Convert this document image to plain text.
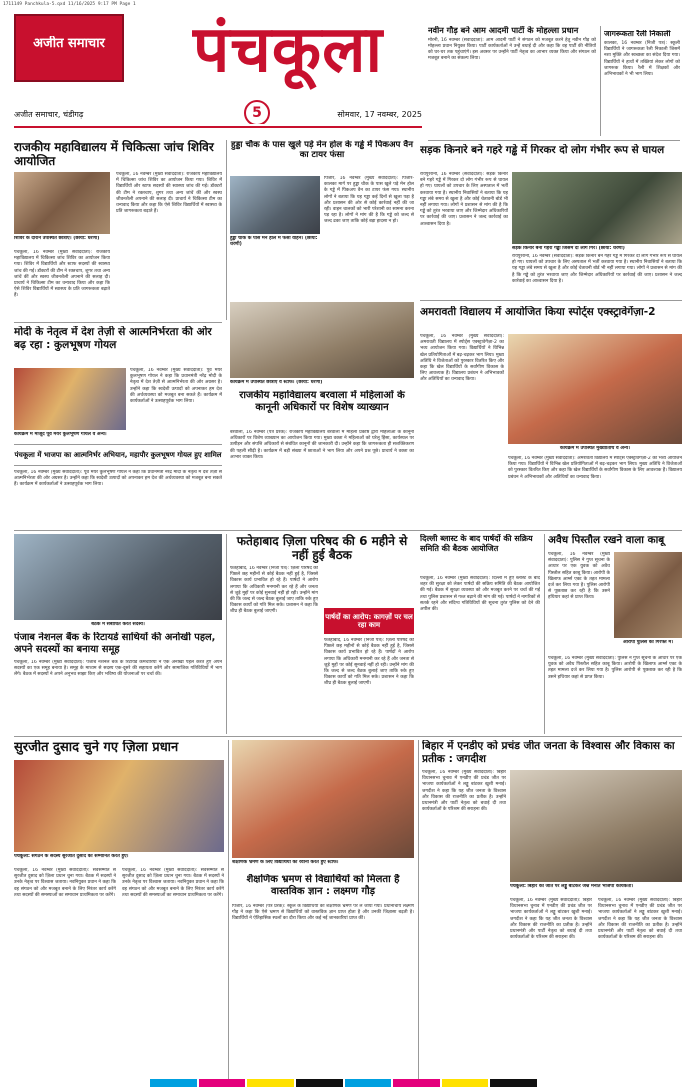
1711149 Panchkula-5.qxd 11/16/2025 9:17 PM Page 1
अजीत समाचार	पंचकूला
5
अजीत समाचार, चंडीगढ़	सोमवार, 17 नवम्बर, 2025
नवीन गौड़ बने आम आदमी पार्टी के मोहल्ला प्रधान
मोरनी, 16 नवम्बर (सवाददाता): आम आदमी पार्टी ने संगठन को मजबूत करने हेतु नवीन गौड़ को मोहल्ला प्रधान नियुक्त किया। पार्टी कार्यकर्ताओं ने उन्हें बधाई दी और कहा कि वह पार्टी की नीतियों को घर-घर तक पहुंचाएंगे। इस अवसर पर उन्होंने पार्टी नेतृत्व का आभार व्यक्त किया और संगठन को मजबूत बनाने का संकल्प लिया।
जागरूकता रैली निकाली
कालका, 16 नवम्बर (निजी पत्र): स्कूली विद्यार्थियों ने जागरूकता रैली निकाली जिसमें नशा मुक्ति और स्वच्छता का संदेश दिया गया। विद्यार्थियों ने हाथों में तख्तियां लेकर लोगों को जागरूक किया। रैली में शिक्षकों और अभिभावकों ने भी भाग लिया।
राजकीय महाविद्यालय में चिकित्सा जांच शिविर आयोजित
शिविर के दौरान उपस्थित छात्राएं। (छाया: धरणी)
पंचकूला, 16 नवम्बर (मुख्य संवाददाता): राजकीय महाविद्यालय में चिकित्सा जांच शिविर का आयोजन किया गया। शिविर में विद्यार्थियों और स्टाफ सदस्यों की स्वास्थ्य जांच की गई। डॉक्टरों की टीम ने रक्तचाप, शुगर तथा अन्य जांचें कीं और स्वस्थ जीवनशैली अपनाने की सलाह दी। प्राचार्य ने चिकित्सा टीम का धन्यवाद किया और कहा कि ऐसे शिविर विद्यार्थियों में स्वास्थ्य के प्रति जागरूकता बढ़ाते हैं।
पंचकूला, 16 नवम्बर (मुख्य संवाददाता): राजकीय महाविद्यालय में चिकित्सा जांच शिविर का आयोजन किया गया। शिविर में विद्यार्थियों और स्टाफ सदस्यों की स्वास्थ्य जांच की गई। डॉक्टरों की टीम ने रक्तचाप, शुगर तथा अन्य जांचें कीं और स्वस्थ जीवनशैली अपनाने की सलाह दी। प्राचार्य ने चिकित्सा टीम का धन्यवाद किया और कहा कि ऐसे शिविर विद्यार्थियों में स्वास्थ्य के प्रति जागरूकता बढ़ाते हैं।
हुड्डा चौक के पास खुले पड़े मेन होल के गड्ढे में पिकअप वैन का टायर फंसा
हुड्डा चौक के पास मेन होल में फंसा वाहन। (छाया: धरणी)
पिंजौर, 16 नवम्बर (मुख्य संवाददाता): पिंजौर-कालका मार्ग पर हुड्डा चौक के पास खुले पड़े मेन होल के गड्ढे में पिकअप वैन का टायर फंस गया। स्थानीय लोगों ने बताया कि यह गड्ढा कई दिनों से खुला पड़ा है और प्रशासन की ओर से कोई कार्रवाई नहीं की जा रही। वाहन चालकों को भारी परेशानी का सामना करना पड़ रहा है। लोगों ने मांग की है कि गड्ढे को जल्द से जल्द ढका जाए ताकि कोई बड़ा हादसा न हो।
सड़क किनारे बने गहरे गड्ढे में गिरकर दो लोग गंभीर रूप से घायल
रायपुररानी, 16 नवम्बर (सवाददाता): सड़क किनारे बने गहरे गड्ढे में गिरकर दो लोग गंभीर रूप से घायल हो गए। घायलों को उपचार के लिए अस्पताल में भर्ती करवाया गया है। स्थानीय निवासियों ने बताया कि यह गड्ढा लंबे समय से खुला है और कोई चेतावनी बोर्ड भी नहीं लगाया गया। लोगों ने प्रशासन से मांग की है कि गड्ढे को तुरंत भरवाया जाए और जिम्मेदार अधिकारियों पर कार्रवाई की जाए। प्रशासन ने जल्द कार्रवाई का आश्वासन दिया है।
सड़क किनारे बना गहरा गड्ढा जिसमें दो लोग गिरे। (छाया: धरणी)
रायपुररानी, 16 नवम्बर (सवाददाता): सड़क किनारे बने गहरे गड्ढे में गिरकर दो लोग गंभीर रूप से घायल हो गए। घायलों को उपचार के लिए अस्पताल में भर्ती करवाया गया है। स्थानीय निवासियों ने बताया कि यह गड्ढा लंबे समय से खुला है और कोई चेतावनी बोर्ड भी नहीं लगाया गया। लोगों ने प्रशासन से मांग की है कि गड्ढे को तुरंत भरवाया जाए और जिम्मेदार अधिकारियों पर कार्रवाई की जाए। प्रशासन ने जल्द कार्रवाई का आश्वासन दिया है।
मोदी के नेतृत्व में देश तेज़ी से आत्मनिर्भरता की ओर बढ़ रहा : कुलभूषण गोयल
कार्यक्रम में मौजूद पूर्व मेयर कुलभूषण गोयल व अन्य।
पंचकूला, 16 नवम्बर (मुख्य संवाददाता): पूर्व मेयर कुलभूषण गोयल ने कहा कि प्रधानमंत्री नरेंद्र मोदी के नेतृत्व में देश तेज़ी से आत्मनिर्भरता की ओर अग्रसर है। उन्होंने कहा कि स्वदेशी उत्पादों को अपनाकर हम देश की अर्थव्यवस्था को मजबूत बना सकते हैं। कार्यक्रम में कार्यकर्ताओं ने उत्साहपूर्वक भाग लिया।
पंचकूला में भाजपा का आत्मनिर्भर अभियान, महापौर कुलभूषण गोयल हुए शामिल
पंचकूला, 16 नवम्बर (मुख्य संवाददाता): पूर्व मेयर कुलभूषण गोयल ने कहा कि प्रधानमंत्री नरेंद्र मोदी के नेतृत्व में देश तेज़ी से आत्मनिर्भरता की ओर अग्रसर है। उन्होंने कहा कि स्वदेशी उत्पादों को अपनाकर हम देश की अर्थव्यवस्था को मजबूत बना सकते हैं। कार्यक्रम में कार्यकर्ताओं ने उत्साहपूर्वक भाग लिया।
कार्यक्रम में उपस्थित छात्राएं व स्टाफ। (छाया: धरणी)
राजकीय महाविद्यालय बरवाला में महिलाओं के कानूनी अधिकारों पर विशेष व्याख्यान
बरवाला, 16 नवम्बर (पत्र प्रेरक): राजकीय महाविद्यालय बरवाला में महिला प्रकोष्ठ द्वारा महिलाओं के कानूनी अधिकारों पर विशेष व्याख्यान का आयोजन किया गया। मुख्य वक्ता ने महिलाओं को घरेलू हिंसा, कार्यस्थल पर उत्पीड़न और संपत्ति अधिकारों से संबंधित कानूनों की जानकारी दी। उन्होंने कहा कि जागरूकता ही सशक्तिकरण की पहली सीढ़ी है। कार्यक्रम में बड़ी संख्या में छात्राओं ने भाग लिया और अपने प्रश्न पूछे। प्राचार्य ने वक्ता का आभार व्यक्त किया।
अमरावती विद्यालय में आयोजित किया स्पोर्ट्स एक्स्ट्रावेगेंज़ा-2
पंचकूला, 16 नवम्बर (मुख्य संवाददाता): अमरावती विद्यालय में स्पोर्ट्स एक्स्ट्रावेगेंज़ा-2 का भव्य आयोजन किया गया। विद्यार्थियों ने विभिन्न खेल प्रतियोगिताओं में बढ़-चढ़कर भाग लिया। मुख्य अतिथि ने विजेताओं को पुरस्कार वितरित किए और कहा कि खेल विद्यार्थियों के सर्वांगीण विकास के लिए आवश्यक हैं। विद्यालय प्रबंधन ने अभिभावकों और अतिथियों का धन्यवाद किया।
कार्यक्रम में उपस्थित मुख्यातिथि व अन्य।
पंचकूला, 16 नवम्बर (मुख्य संवाददाता): अमरावती विद्यालय में स्पोर्ट्स एक्स्ट्रावेगेंज़ा-2 का भव्य आयोजन किया गया। विद्यार्थियों ने विभिन्न खेल प्रतियोगिताओं में बढ़-चढ़कर भाग लिया। मुख्य अतिथि ने विजेताओं को पुरस्कार वितरित किए और कहा कि खेल विद्यार्थियों के सर्वांगीण विकास के लिए आवश्यक हैं। विद्यालय प्रबंधन ने अभिभावकों और अतिथियों का धन्यवाद किया।
बैठक में संबोधित करते सदस्य।
पंजाब नेशनल बैंक के रिटायर्ड साथियों की अनोखी पहल, अपने सदस्यों का बनाया समूह
पंचकूला, 16 नवम्बर (मुख्य संवाददाता): पंजाब नेशनल बैंक के रिटायर्ड कर्मचारियों ने एक अनोखी पहल करते हुए अपने सदस्यों का एक समूह बनाया है। समूह के माध्यम से सदस्य एक-दूसरे की सहायता करेंगे और सामाजिक गतिविधियों में भाग लेंगे। बैठक में सदस्यों ने अपने अनुभव साझा किए और भविष्य की योजनाओं पर चर्चा की।
फतेहाबाद ज़िला परिषद की 6 महीने से नहीं हुई बैठक
फतेहाबाद, 16 नवम्बर (निजी पत्र): ज़िला परिषद की पिछले छह महीनों से कोई बैठक नहीं हुई है, जिससे विकास कार्य प्रभावित हो रहे हैं। पार्षदों ने आरोप लगाया कि अधिकारी मनमानी कर रहे हैं और जनता से जुड़े मुद्दों पर कोई सुनवाई नहीं हो रही। उन्होंने मांग की कि जल्द से जल्द बैठक बुलाई जाए ताकि रुके हुए विकास कार्यों को गति मिल सके। प्रशासन ने कहा कि शीघ्र ही बैठक बुलाई जाएगी।
पार्षदों का आरोप: कागज़ों पर चल रहा काम
फतेहाबाद, 16 नवम्बर (निजी पत्र): ज़िला परिषद की पिछले छह महीनों से कोई बैठक नहीं हुई है, जिससे विकास कार्य प्रभावित हो रहे हैं। पार्षदों ने आरोप लगाया कि अधिकारी मनमानी कर रहे हैं और जनता से जुड़े मुद्दों पर कोई सुनवाई नहीं हो रही। उन्होंने मांग की कि जल्द से जल्द बैठक बुलाई जाए ताकि रुके हुए विकास कार्यों को गति मिल सके। प्रशासन ने कहा कि शीघ्र ही बैठक बुलाई जाएगी।
दिल्ली ब्लास्ट के बाद पार्षदों की सक्रिय समिति की बैठक आयोजित
पंचकूला, 16 नवम्बर (मुख्य संवाददाता): दिल्ली में हुए ब्लास्ट के बाद शहर की सुरक्षा को लेकर पार्षदों की सक्रिय समिति की बैठक आयोजित की गई। बैठक में सुरक्षा व्यवस्था को और मजबूत करने पर चर्चा की गई तथा पुलिस प्रशासन से गश्त बढ़ाने की मांग की गई। पार्षदों ने नागरिकों से सतर्क रहने और संदिग्ध गतिविधियों की सूचना तुरंत पुलिस को देने की अपील की।
अवैध पिस्तौल रखने वाला काबू
पंचकूला, 16 नवम्बर (मुख्य संवाददाता): पुलिस ने गुप्त सूचना के आधार पर एक युवक को अवैध पिस्तौल सहित काबू किया। आरोपी के खिलाफ आर्म्स एक्ट के तहत मामला दर्ज कर लिया गया है। पुलिस आरोपी से पूछताछ कर रही है कि उसने हथियार कहां से प्राप्त किया।
आरोपी पुलिस की गिरफ्त में।
पंचकूला, 16 नवम्बर (मुख्य संवाददाता): पुलिस ने गुप्त सूचना के आधार पर एक युवक को अवैध पिस्तौल सहित काबू किया। आरोपी के खिलाफ आर्म्स एक्ट के तहत मामला दर्ज कर लिया गया है। पुलिस आरोपी से पूछताछ कर रही है कि उसने हथियार कहां से प्राप्त किया।
सुरजीत दुसाद चुने गए ज़िला प्रधान
पंचकूला: संगठन के सदस्य सुरजीत दुसाद को सम्मानित करते हुए।
पंचकूला, 16 नवम्बर (मुख्य संवाददाता): सर्वसम्मति से सुरजीत दुसाद को ज़िला प्रधान चुना गया। बैठक में सदस्यों ने उनके नेतृत्व पर विश्वास जताया। नवनियुक्त प्रधान ने कहा कि वह संगठन को और मजबूत बनाने के लिए निरंतर कार्य करेंगे तथा सदस्यों की समस्याओं का समाधान प्राथमिकता पर करेंगे।
पंचकूला, 16 नवम्बर (मुख्य संवाददाता): सर्वसम्मति से सुरजीत दुसाद को ज़िला प्रधान चुना गया। बैठक में सदस्यों ने उनके नेतृत्व पर विश्वास जताया। नवनियुक्त प्रधान ने कहा कि वह संगठन को और मजबूत बनाने के लिए निरंतर कार्य करेंगे तथा सदस्यों की समस्याओं का समाधान प्राथमिकता पर करेंगे।
शैक्षणिक भ्रमण के लिए विद्यार्थियों को रवाना करते हुए स्टाफ।
शैक्षणिक भ्रमण से विद्यार्थियों को मिलता है वास्तविक ज्ञान : लक्ष्मण गौड़
पिंजौर, 16 नवम्बर (पत्र प्रेरक): स्कूल के विद्यार्थियों को शैक्षणिक भ्रमण पर ले जाया गया। प्रधानाचार्य लक्ष्मण गौड़ ने कहा कि ऐसे भ्रमण से विद्यार्थियों को वास्तविक ज्ञान प्राप्त होता है और उनकी जिज्ञासा बढ़ती है। विद्यार्थियों ने ऐतिहासिक स्थलों का दौरा किया और कई नई जानकारियां प्राप्त कीं।
बिहार में एनडीए को प्रचंड जीत जनता के विश्वास और विकास का प्रतीक : जगदीश
पंचकूला, 16 नवम्बर (मुख्य संवाददाता): बिहार विधानसभा चुनाव में एनडीए की प्रचंड जीत पर भाजपा कार्यकर्ताओं ने लड्डू बांटकर खुशी मनाई। जगदीश ने कहा कि यह जीत जनता के विश्वास और विकास की राजनीति का प्रतीक है। उन्होंने प्रधानमंत्री और पार्टी नेतृत्व को बधाई दी तथा कार्यकर्ताओं के परिश्रम की सराहना की।
पंचकूला: बिहार की जीत पर लड्डू बांटकर जश्न मनाते भाजपा कार्यकर्ता।
पंचकूला, 16 नवम्बर (मुख्य संवाददाता): बिहार विधानसभा चुनाव में एनडीए की प्रचंड जीत पर भाजपा कार्यकर्ताओं ने लड्डू बांटकर खुशी मनाई। जगदीश ने कहा कि यह जीत जनता के विश्वास और विकास की राजनीति का प्रतीक है। उन्होंने प्रधानमंत्री और पार्टी नेतृत्व को बधाई दी तथा कार्यकर्ताओं के परिश्रम की सराहना की।
पंचकूला, 16 नवम्बर (मुख्य संवाददाता): बिहार विधानसभा चुनाव में एनडीए की प्रचंड जीत पर भाजपा कार्यकर्ताओं ने लड्डू बांटकर खुशी मनाई। जगदीश ने कहा कि यह जीत जनता के विश्वास और विकास की राजनीति का प्रतीक है। उन्होंने प्रधानमंत्री और पार्टी नेतृत्व को बधाई दी तथा कार्यकर्ताओं के परिश्रम की सराहना की।
